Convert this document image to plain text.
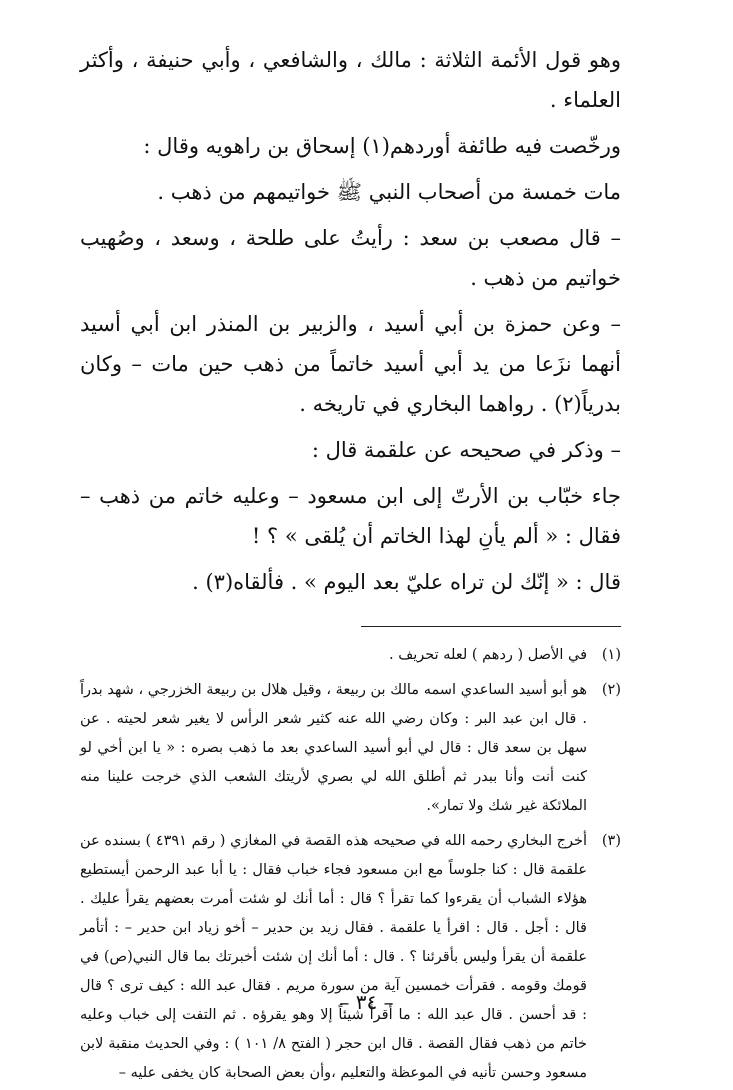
وهو قول الأئمة الثلاثة : مالك ، والشافعي ، وأبي حنيفة ، وأكثر العلماء .

ورخّصت فيه طائفة أوردهم(١) إسحاق بن راهويه وقال :

مات خمسة من أصحاب النبي ﷺ خواتيمهم من ذهب .

– قال مصعب بن سعد : رأيتُ على طلحة ، وسعد ، وصُهيب خواتيم من ذهب .

– وعن حمزة بن أبي أسيد ، والزبير بن المنذر ابن أبي أسيد أنهما نزَعا من يد أبي أسيد خاتماً من ذهب حين مات – وكان بدرياً(٢) . رواهما البخاري في تاريخه .

– وذكر في صحيحه عن علقمة قال :

جاء خبّاب بن الأرتّ إلى ابن مسعود – وعليه خاتم من ذهب – فقال : « ألم يأنِ لهذا الخاتم أن يُلقى » ؟ !

قال : « إنّك لن تراه عليّ بعد اليوم » . فألقاه(٣) .

(١)
في الأصل ( ردهم ) لعله تحريف .
(٢)
هو أبو أسيد الساعدي اسمه مالك بن ربيعة ، وقيل هلال بن ربيعة الخزرجي ، شهد بدراً . قال ابن عبد البر : وكان رضي الله عنه كثير شعر الرأس لا يغير شعر لحيته . عن سهل بن سعد قال : قال لي أبو أسيد الساعدي بعد ما ذهب بصره : « يا ابن أخي لو كنت أنت وأنا ببدر ثم أطلق الله لي بصري لأريتك الشعب الذي خرجت علينا منه الملائكة غير شك ولا تمار».
(٣)
أخرج البخاري رحمه الله في صحيحه هذه القصة في المغازي ( رقم ٤٣٩١ ) بسنده عن علقمة قال : كنا جلوساً مع ابن مسعود فجاء خباب فقال : يا أبا عبد الرحمن أيستطيع هؤلاء الشباب أن يقرءوا كما تقرأ ؟ قال : أما أنك لو شئت أمرت بعضهم يقرأ عليك . قال : أجل . قال : اقرأ يا علقمة . فقال زيد بن حدير – أخو زياد ابن حدير – : أتأمر علقمة أن يقرأ وليس بأقرئنا ؟ . قال : أما أنك إن شئت أخبرتك بما قال النبي(ص) في قومك وقومه . فقرأت خمسين آية من سورة مريم . فقال عبد الله : كيف ترى ؟ قال : قد أحسن . قال عبد الله : ما أقرأ شيئاً إلا وهو يقرؤه . ثم التفت إلى خباب وعليه خاتم من ذهب فقال القصة . قال ابن حجر ( الفتح ٨/ ١٠١ ) : وفي الحديث منقبة لابن مسعود وحسن تأنيه في الموعظة والتعليم ،وأن بعض الصحابة كان يخفى عليه –
– ٣٤ –
